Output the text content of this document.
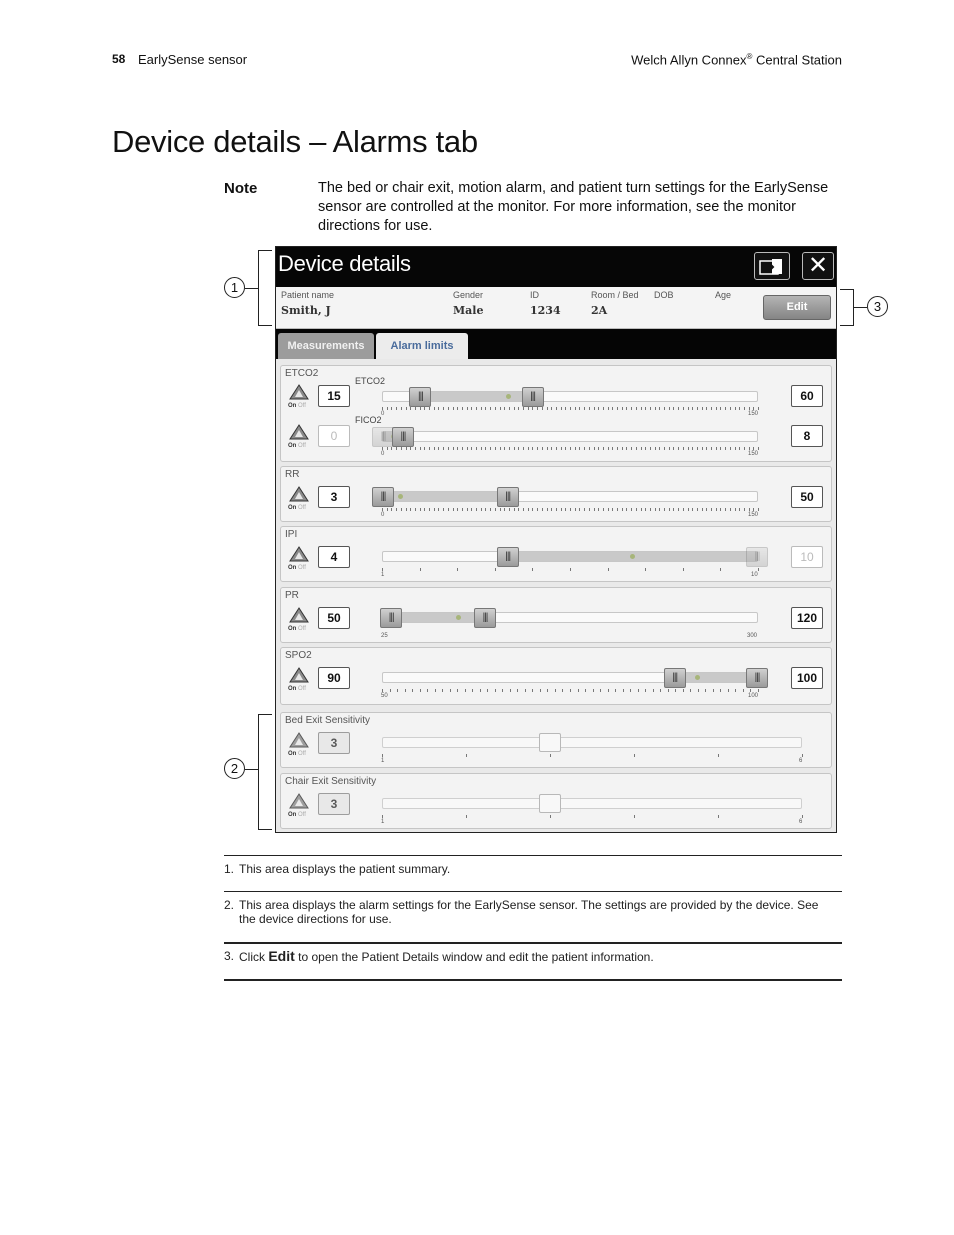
58 EarlySense sensor	Welch Allyn Connex® Central Station
Device details – Alarms tab
Note	The bed or chair exit, motion alarm, and patient turn settings for the EarlySense sensor are controlled at the monitor. For more information, see the monitor directions for use.
Device details	✕
Patient name
Smith, J
Gender
Male
ID
1234
Room / Bed
2A
DOB	Age
Edit
Measurements	Alarm limits
ETCO2
ETCO2
On Off
15	|||	|||
0	150
60
FICO2
On Off
0	|||	|||
0	150
8
RR
On Off
3	|||	|||
0	150
50
IPI
On Off
4	|||	|||
1	10
10
PR
On Off
50	|||	|||
25	300
120
SPO2
On Off
90	|||	|||
50	100
100
Bed Exit Sensitivity
On Off
3
1	6
Chair Exit Sensitivity
On Off
3
1	6
1
2
3
1. This area displays the patient summary.
2. This area displays the alarm settings for the EarlySense sensor. The settings are provided by the device. See the device directions for use.
3. Click Edit to open the Patient Details window and edit the patient information.
